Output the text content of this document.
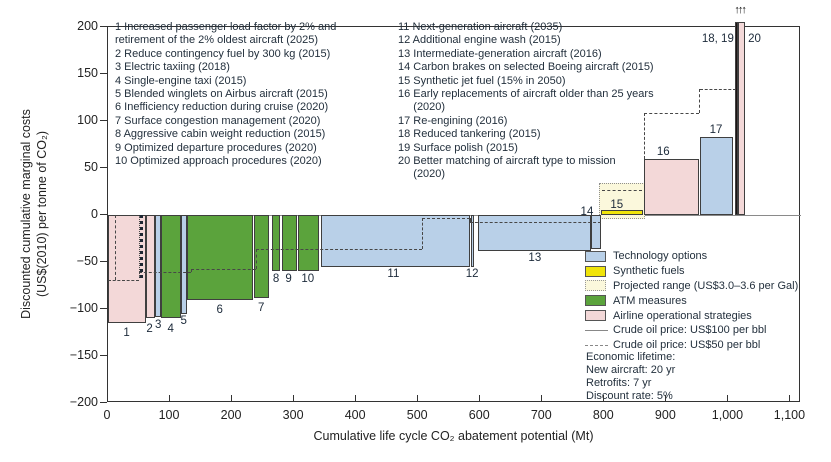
1 2 3 4
5
6	7
8 9 10	11	12
13
14
15
16
17
18, 19 20
Cumulative life cycle CO₂ abatement potential (Mt)
Discounted cumulative marginal costs (US$(2010) per tonne of CO₂)
1 Increased passenger load factor by 2% and
retirement of the 2% oldest aircraft (2025)
2 Reduce contingency fuel by 300 kg (2015)
3 Electric taxiing (2018)
4 Single-engine taxi (2015)
5 Blended winglets on Airbus aircraft (2015)
6 Inefficiency reduction during cruise (2020)
7 Surface congestion management (2020)
8 Aggressive cabin weight reduction (2015)
9 Optimized departure procedures (2020)
10 Optimized approach procedures (2020)
11 Next-generation aircraft (2035)
12 Additional engine wash (2015)
13 Intermediate-generation aircraft (2016)
14 Carbon brakes on selected Boeing aircraft (2015)
15 Synthetic jet fuel (15% in 2050)
16 Early replacements of aircraft older than 25 years
(2020)
17 Re-engining (2016)
18 Reduced tankering (2015)
19 Surface polish (2015)
20 Better matching of aircraft type to mission
(2020)
Technology options
Synthetic fuels
Projected range (US$3.0–3.6 per Gal)
ATM measures
Airline operational strategies
Crude oil price: US$100 per bbl
Crude oil price: US$50 per bbl
Economic lifetime:
New aircraft: 20 yr
Retrofits: 7 yr
Discount rate: 5%
↑↑↑
0	100	200	300	400	500	600	700	800	900	1,000	1,100
200
150
100
50
0
−50
−100
−150
−200
